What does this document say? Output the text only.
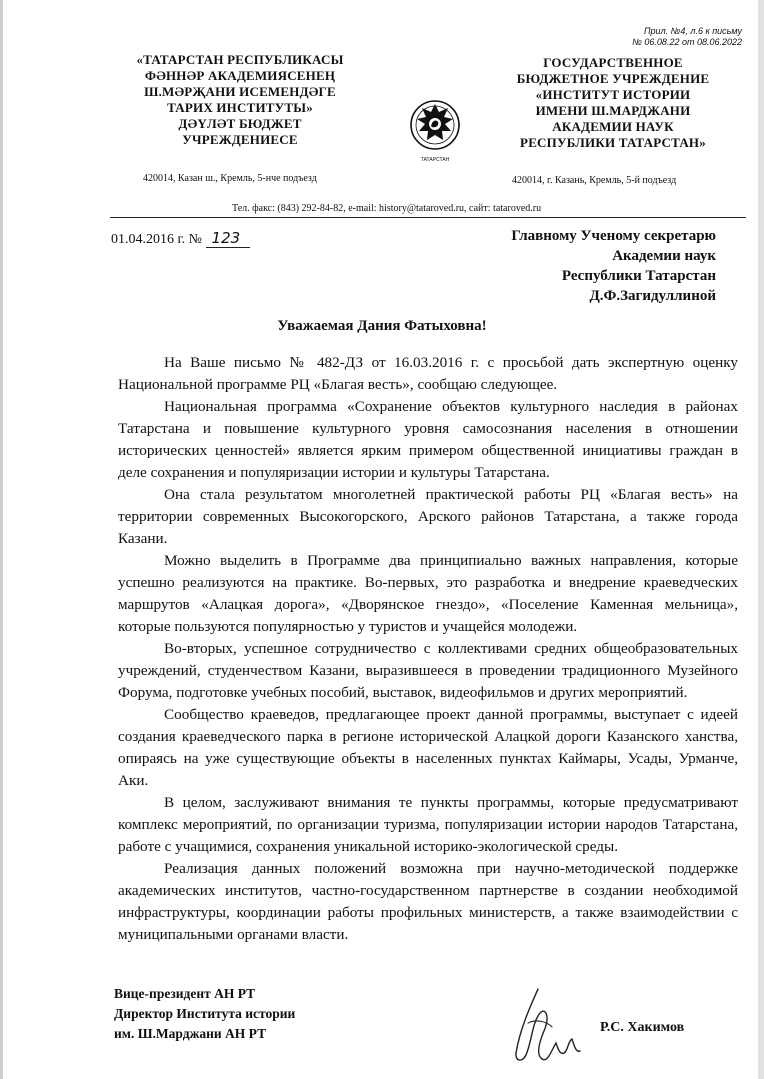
Прил. №4, л.6 к письму
№ 06.08.22 от 08.06.2022
«ТАТАРСТАН РЕСПУБЛИКАСЫ
ФӘННӘР АКАДЕМИЯСЕНЕҢ
Ш.МӘРҖАНИ ИСЕМЕНДӘГЕ
ТАРИХ ИНСТИТУТЫ»
ДӘҮЛӘТ БЮДЖЕТ
УЧРЕЖДЕНИЕСЕ
ГОСУДАРСТВЕННОЕ
БЮДЖЕТНОЕ УЧРЕЖДЕНИЕ
«ИНСТИТУТ ИСТОРИИ
ИМЕНИ Ш.МАРДЖАНИ
АКАДЕМИИ НАУК
РЕСПУБЛИКИ ТАТАРСТАН»
ТАТАРСТАН
420014, Казан ш., Кремль, 5-нче подъезд	420014, г. Казань, Кремль, 5-й подъезд
Тел. факс: (843) 292-84-82, e-mail: history@tataroved.ru, сайт: tataroved.ru
01.04.2016 г. № 123	Главному Ученому секретарю
Академии наук
Республики Татарстан
Д.Ф.Загидуллиной
Уважаемая Дания Фатыховна!

На Ваше письмо № 482-ДЗ от 16.03.2016 г. с просьбой дать экспертную оценку Национальной программе РЦ «Благая весть», сообщаю следующее.

Национальная программа «Сохранение объектов культурного наследия в районах Татарстана и повышение культурного уровня самосознания населения в отношении исторических ценностей» является ярким примером общественной инициативы граждан в деле сохранения и популяризации истории и культуры Татарстана.

Она стала результатом многолетней практической работы РЦ «Благая весть» на территории современных Высокогорского, Арского районов Татарстана, а также города Казани.

Можно выделить в Программе два принципиально важных направления, которые успешно реализуются на практике. Во-первых, это разработка и внедрение краеведческих маршрутов «Алацкая дорога», «Дворянское гнездо», «Поселение Каменная мельница», которые пользуются популярностью у туристов и учащейся молодежи.

Во-вторых, успешное сотрудничество с коллективами средних общеобразовательных учреждений, студенчеством Казани, выразившееся в проведении традиционного Музейного Форума, подготовке учебных пособий, выставок, видеофильмов и других мероприятий.

Сообщество краеведов, предлагающее проект данной программы, выступает с идеей создания краеведческого парка в регионе исторической Алацкой дороги Казанского ханства, опираясь на уже существующие объекты в населенных пунктах Каймары, Усады, Урманче, Аки.

В целом, заслуживают внимания те пункты программы, которые предусматривают комплекс мероприятий, по организации туризма, популяризации истории народов Татарстана, работе с учащимися, сохранения уникальной историко-экологической среды.

Реализация данных положений возможна при научно-методической поддержке академических институтов, частно-государственном партнерстве в создании необходимой инфраструктуры, координации работы профильных министерств, а также взаимодействии с муниципальными органами власти.

Вице-президент АН РТ
Директор Института истории
им. Ш.Марджани АН РТ	Р.С. Хакимов
